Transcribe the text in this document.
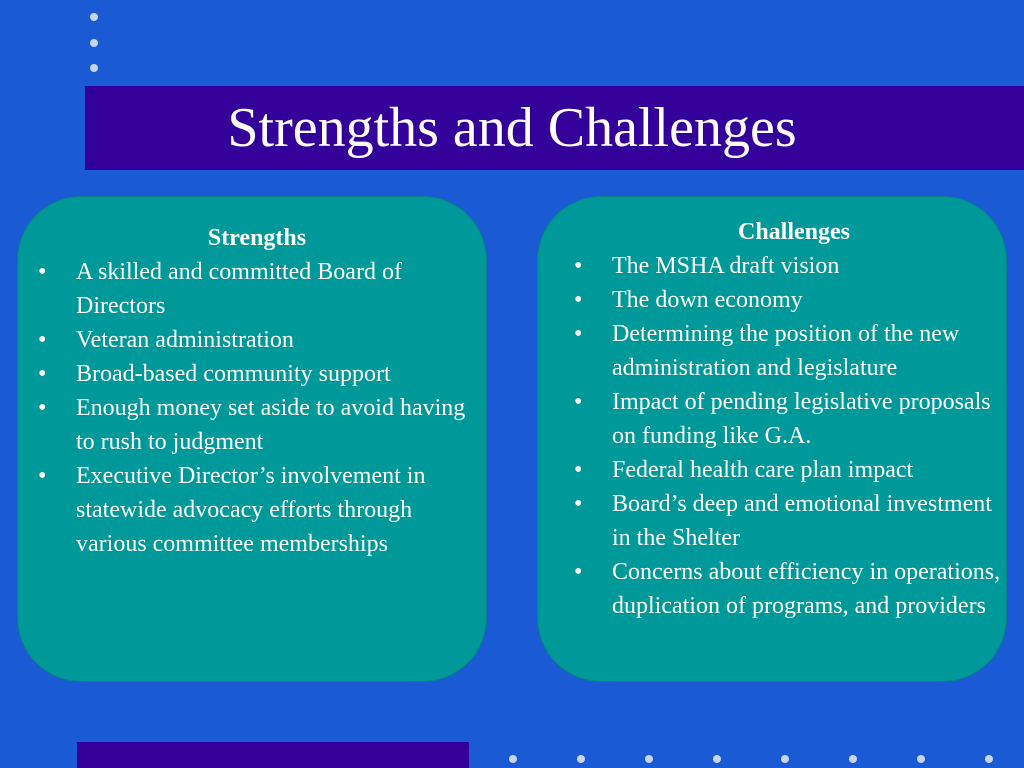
Strengths and Challenges
Strengths
• A skilled and committed Board of Directors
• Veteran administration
• Broad-based community support
• Enough money set aside to avoid having to rush to judgment
• Executive Director’s involvement in statewide advocacy efforts through various committee memberships
Challenges
• The MSHA draft vision
• The down economy
• Determining the position of the new administration and legislature
• Impact of pending legislative proposals on funding like G.A.
• Federal health care plan impact
• Board’s deep and emotional investment in the Shelter
• Concerns about efficiency in operations, duplication of programs, and providers
